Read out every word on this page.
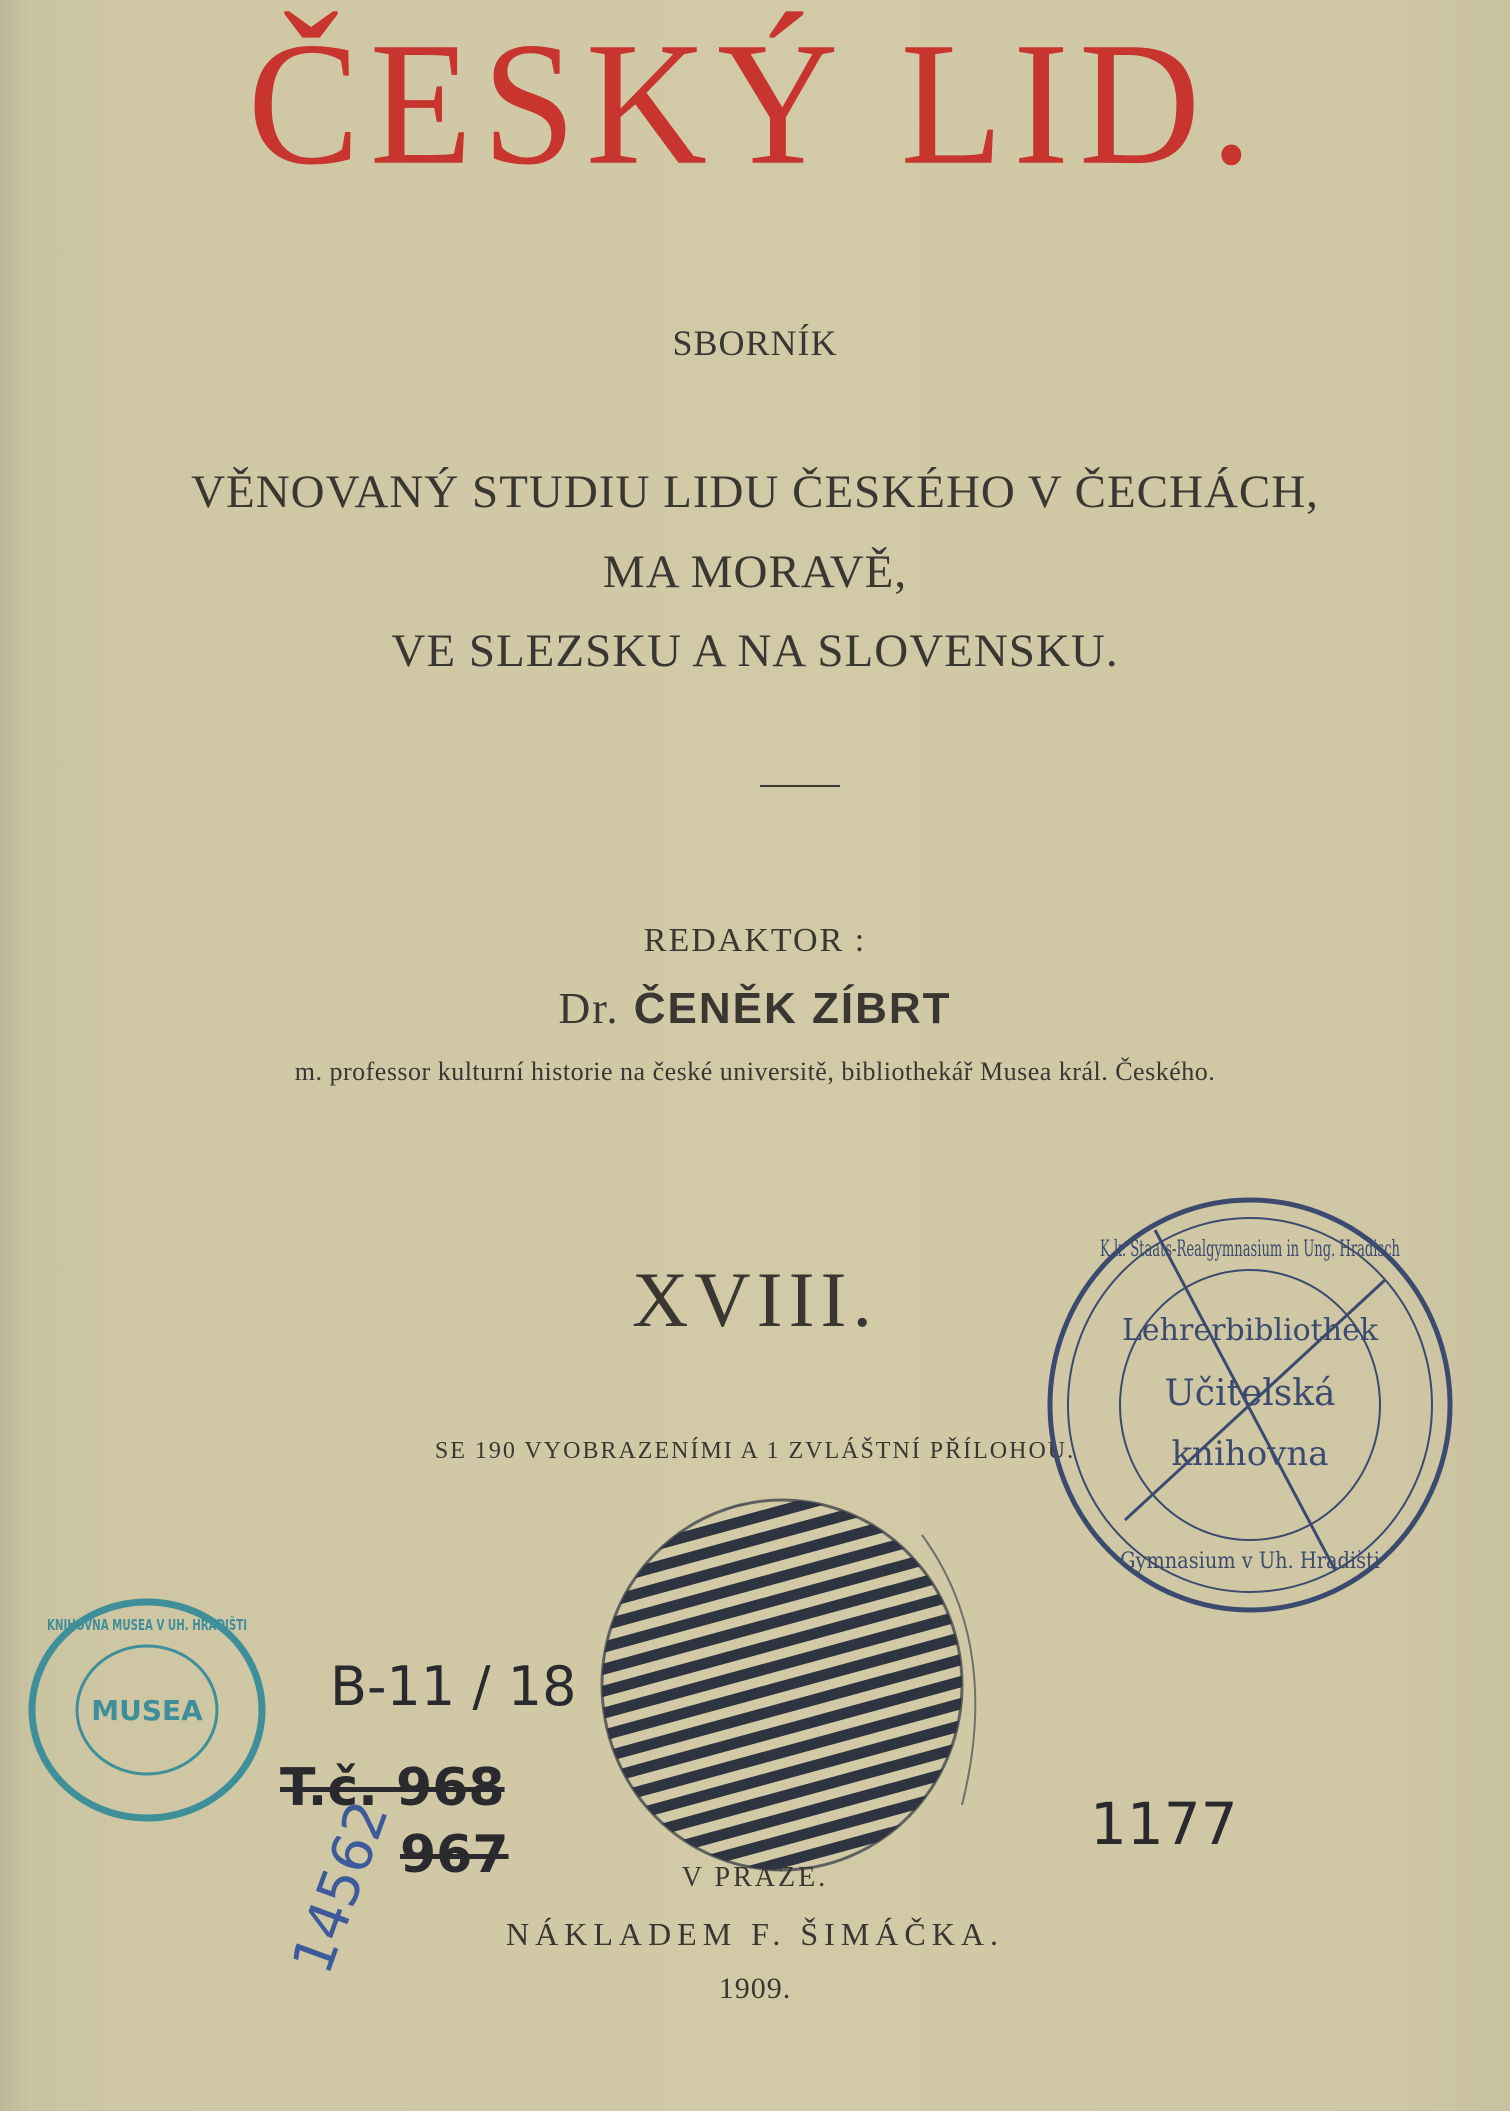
ČESKÝ LID.
SBORNÍK
VĚNOVANÝ STUDIU LIDU ČESKÉHO V ČECHÁCH,
MA MORAVĚ,
VE SLEZSKU A NA SLOVENSKU.
REDAKTOR :
Dr. ČENĚK ZÍBRT
m. professor kulturní historie na české universitě, bibliothekář Musea král. Českého.
XVIII.
SE 190 VYOBRAZENÍMI A 1 ZVLÁŠTNÍ PŘÍLOHOU.
Lehrerbibliothek
Učitelská
knihovna
K.k. Staats-Realgymnasium in Ung. Hradisch
Gymnasium v Uh. Hradišti
MUSEA
KNIHOVNA MUSEA V UH. HRADIŠTI
B-11 / 18
T.č. 968
967	1177
14562	V PRAZE.
NÁKLADEM F. ŠIMÁČKA.
1909.
